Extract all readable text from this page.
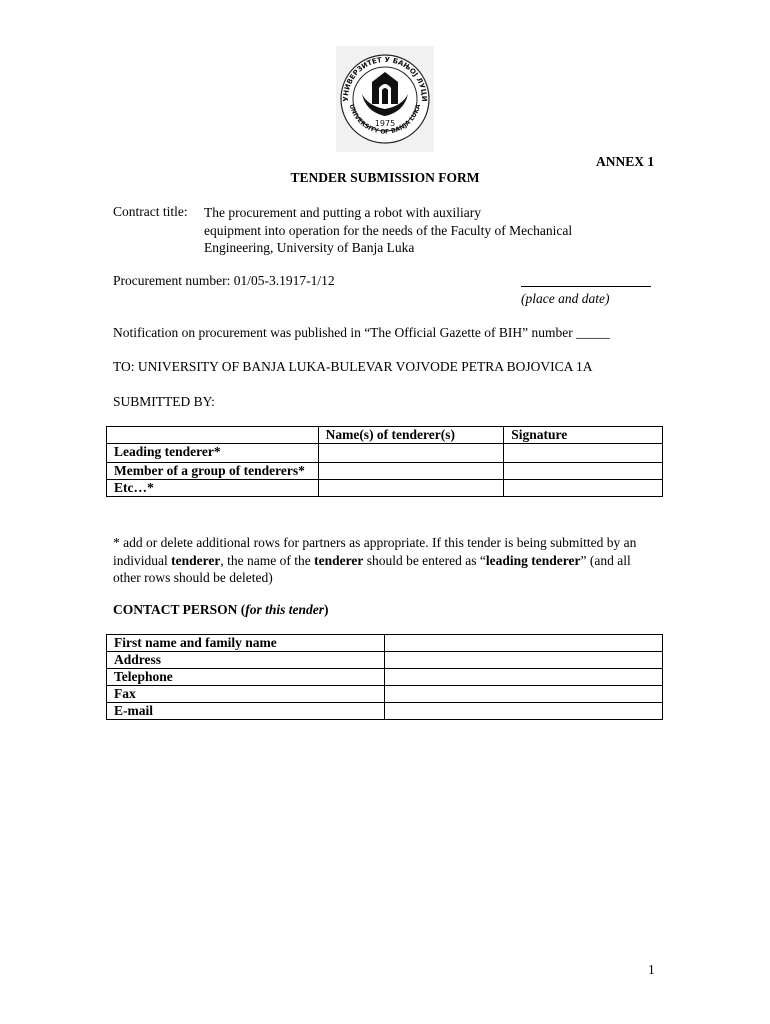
УНИВЕРЗИТЕТ У БАЊОЈ ЛУЦИ
UNIVERSITY OF BANJA LUKA
1975
ANNEX 1
TENDER SUBMISSION FORM
Contract title: The procurement and putting a robot with auxiliary
equipment into operation for the needs of the Faculty of Mechanical
Engineering, University of Banja Luka
Procurement number: 01/05-3.1917-1/12
(place and date)
Notification on procurement was published in “The Official Gazette of BIH” number _____
TO: UNIVERSITY OF BANJA LUKA-BULEVAR VOJVODE PETRA BOJOVICA 1A
SUBMITTED BY:
	Name(s) of tenderer(s)	Signature
Leading tenderer*		
Member of a group of tenderers*		
Etc…*		
* add or delete additional rows for partners as appropriate. If this tender is being submitted by an individual tenderer, the name of the tenderer should be entered as “leading tenderer” (and all other rows should be deleted)
CONTACT PERSON (for this tender)
First name and family name	
Address	
Telephone	
Fax	
E-mail	
1
